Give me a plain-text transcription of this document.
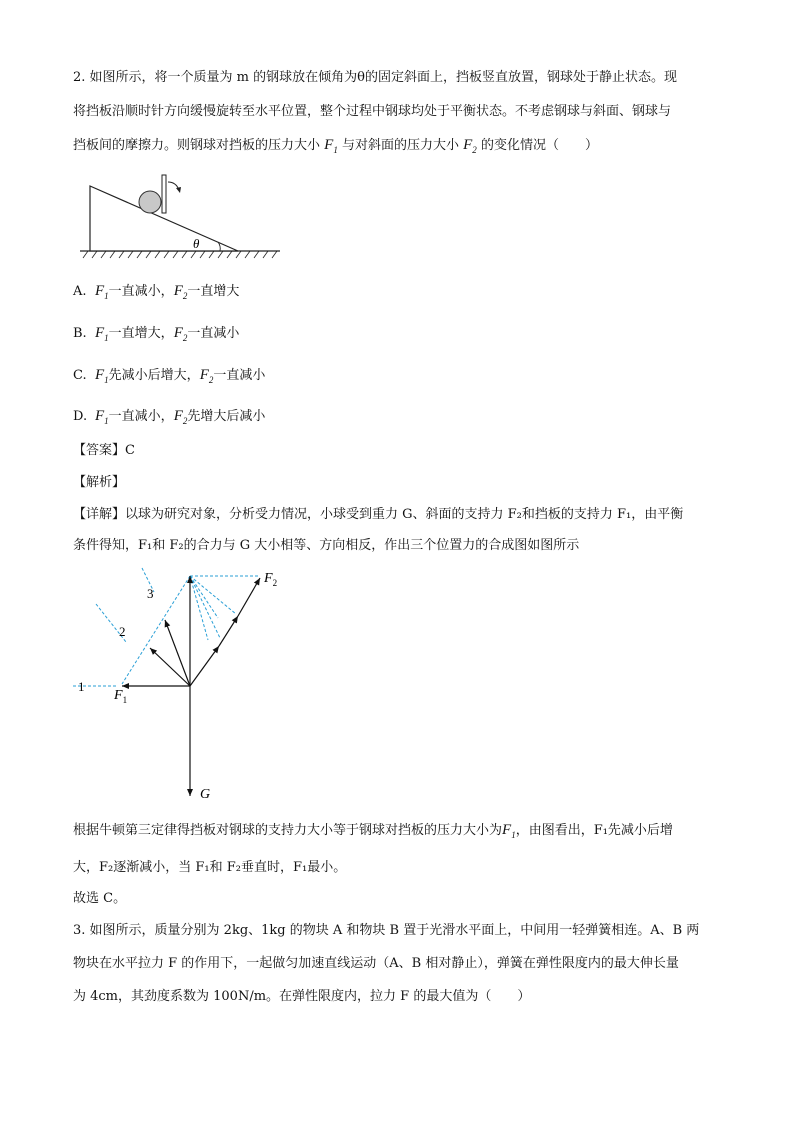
2. 如图所示，将一个质量为 m 的钢球放在倾角为θ的固定斜面上，挡板竖直放置，钢球处于静止状态。现

将挡板沿顺时针方向缓慢旋转至水平位置，整个过程中钢球均处于平衡状态。不考虑钢球与斜面、钢球与

挡板间的摩擦力。则钢球对挡板的压力大小 $F_1$ 与对斜面的压力大小 $F_2$ 的变化情况（　　）

θ
A. $F_1$一直减小，$F_2$一直增大
B. $F_1$一直增大，$F_2$一直减小
C. $F_1$先减小后增大，$F_2$一直减小
D. $F_1$一直减小，$F_2$先增大后减小

【答案】C

【解析】

【详解】以球为研究对象，分析受力情况，小球受到重力 G、斜面的支持力 F₂和挡板的支持力 F₁，由平衡

条件得知，F₁和 F₂的合力与 G 大小相等、方向相反，作出三个位置力的合成图如图所示

1
2
3
$F_1$
$F_2$
G

根据牛顿第三定律得挡板对钢球的支持力大小等于钢球对挡板的压力大小为$F_1$，由图看出，F₁先减小后增

大，F₂逐渐减小，当 F₁和 F₂垂直时，F₁最小。

故选 C。

3. 如图所示，质量分别为 2kg、1kg 的物块 A 和物块 B 置于光滑水平面上，中间用一轻弹簧相连。A、B 两

物块在水平拉力 F 的作用下，一起做匀加速直线运动（A、B 相对静止），弹簧在弹性限度内的最大伸长量

为 4cm，其劲度系数为 100N/m。在弹性限度内，拉力 F 的最大值为（　　）
